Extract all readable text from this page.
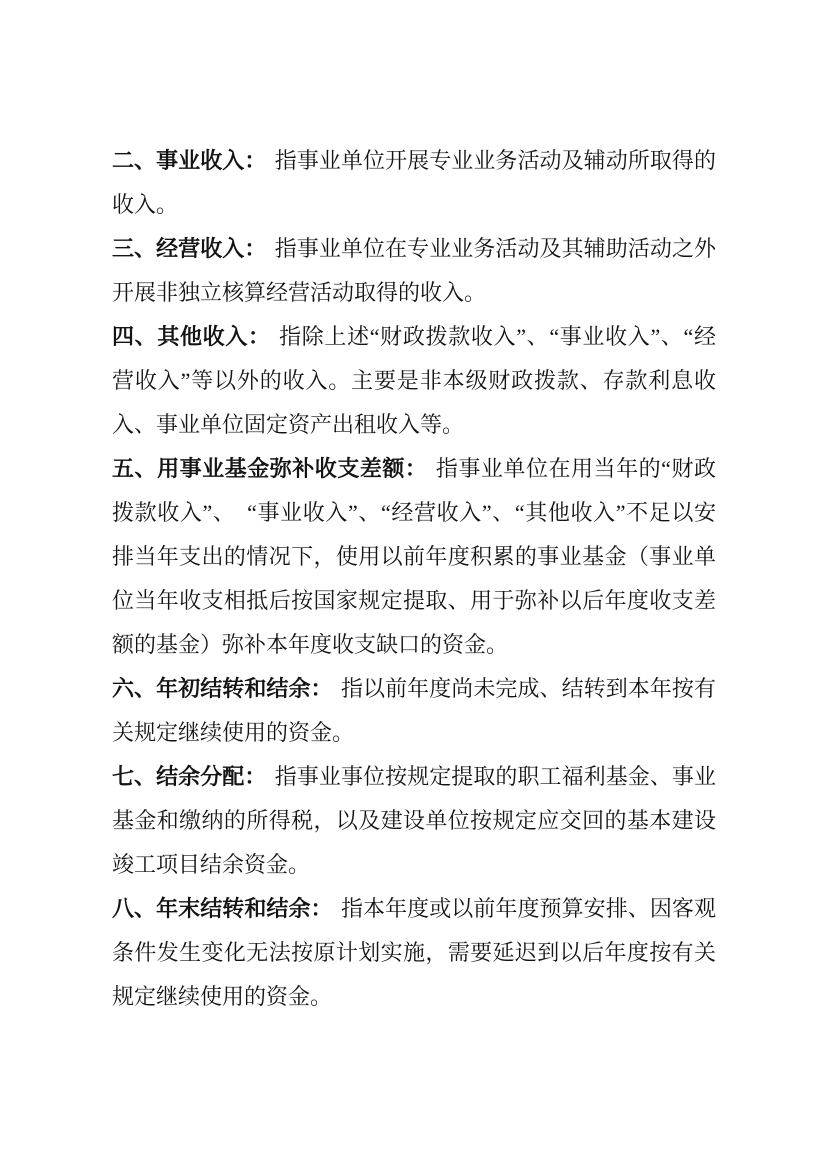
二、事业收入： 指事业单位开展专业业务活动及辅动所取得的收入。

三、经营收入： 指事业单位在专业业务活动及其辅助活动之外开展非独立核算经营活动取得的收入。

四、其他收入： 指除上述“财政拨款收入”、“事业收入”、“经营收入”等以外的收入。主要是非本级财政拨款、存款利息收入、事业单位固定资产出租收入等。

五、用事业基金弥补收支差额： 指事业单位在用当年的“财政拨款收入”、　“事业收入”、“经营收入”、“其他收入”不足以安排当年支出的情况下，使用以前年度积累的事业基金（事业单位当年收支相抵后按国家规定提取、用于弥补以后年度收支差额的基金）弥补本年度收支缺口的资金。

六、年初结转和结余： 指以前年度尚未完成、结转到本年按有关规定继续使用的资金。

七、结余分配： 指事业事位按规定提取的职工福利基金、事业基金和缴纳的所得税，以及建设单位按规定应交回的基本建设竣工项目结余资金。

八、年末结转和结余： 指本年度或以前年度预算安排、因客观条件发生变化无法按原计划实施，需要延迟到以后年度按有关规定继续使用的资金。
